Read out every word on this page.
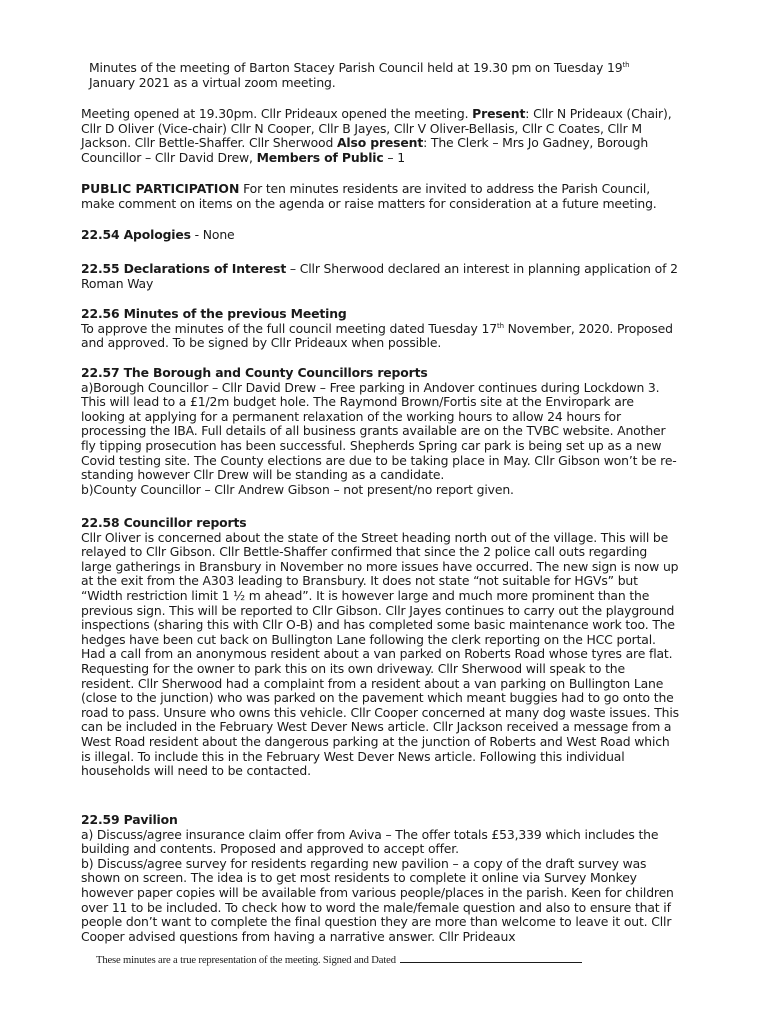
Minutes of the meeting of Barton Stacey Parish Council held at 19.30 pm on Tuesday 19th January 2021 as a virtual zoom meeting.

Meeting opened at 19.30pm. Cllr Prideaux opened the meeting. Present: Cllr N Prideaux (Chair), Cllr D Oliver (Vice-chair) Cllr N Cooper, Cllr B Jayes, Cllr V Oliver-Bellasis, Cllr C Coates, Cllr M Jackson. Cllr Bettle-Shaffer. Cllr Sherwood Also present: The Clerk – Mrs Jo Gadney, Borough Councillor – Cllr David Drew, Members of Public – 1

PUBLIC PARTICIPATION For ten minutes residents are invited to address the Parish Council, make comment on items on the agenda or raise matters for consideration at a future meeting.

22.54 Apologies - None

22.55 Declarations of Interest – Cllr Sherwood declared an interest in planning application of 2 Roman Way

22.56 Minutes of the previous Meeting
To approve the minutes of the full council meeting dated Tuesday 17th November, 2020. Proposed and approved. To be signed by Cllr Prideaux when possible.
22.57 The Borough and County Councillors reports
a)Borough Councillor – Cllr David Drew – Free parking in Andover continues during Lockdown 3. This will lead to a £1/2m budget hole. The Raymond Brown/Fortis site at the Enviropark are looking at applying for a permanent relaxation of the working hours to allow 24 hours for processing the IBA. Full details of all business grants available are on the TVBC website. Another fly tipping prosecution has been successful. Shepherds Spring car park is being set up as a new Covid testing site. The County elections are due to be taking place in May. Cllr Gibson won’t be re-standing however Cllr Drew will be standing as a candidate.
b)County Councillor – Cllr Andrew Gibson – not present/no report given.
22.58 Councillor reports
Cllr Oliver is concerned about the state of the Street heading north out of the village. This will be relayed to Cllr Gibson. Cllr Bettle-Shaffer confirmed that since the 2 police call outs regarding large gatherings in Bransbury in November no more issues have occurred. The new sign is now up at the exit from the A303 leading to Bransbury. It does not state “not suitable for HGVs” but “Width restriction limit 1 ½ m ahead”. It is however large and much more prominent than the previous sign. This will be reported to Cllr Gibson. Cllr Jayes continues to carry out the playground inspections (sharing this with Cllr O-B) and has completed some basic maintenance work too. The hedges have been cut back on Bullington Lane following the clerk reporting on the HCC portal. Had a call from an anonymous resident about a van parked on Roberts Road whose tyres are flat. Requesting for the owner to park this on its own driveway. Cllr Sherwood will speak to the resident. Cllr Sherwood had a complaint from a resident about a van parking on Bullington Lane (close to the junction) who was parked on the pavement which meant buggies had to go onto the road to pass. Unsure who owns this vehicle. Cllr Cooper concerned at many dog waste issues. This can be included in the February West Dever News article. Cllr Jackson received a message from a West Road resident about the dangerous parking at the junction of Roberts and West Road which is illegal. To include this in the February West Dever News article. Following this individual households will need to be contacted.
22.59 Pavilion
a) Discuss/agree insurance claim offer from Aviva – The offer totals £53,339 which includes the building and contents. Proposed and approved to accept offer.
b) Discuss/agree survey for residents regarding new pavilion – a copy of the draft survey was shown on screen. The idea is to get most residents to complete it online via Survey Monkey however paper copies will be available from various people/places in the parish. Keen for children over 11 to be included. To check how to word the male/female question and also to ensure that if people don’t want to complete the final question they are more than welcome to leave it out. Cllr Cooper advised questions from having a narrative answer. Cllr Prideaux
These minutes are a true representation of the meeting. Signed and Dated
